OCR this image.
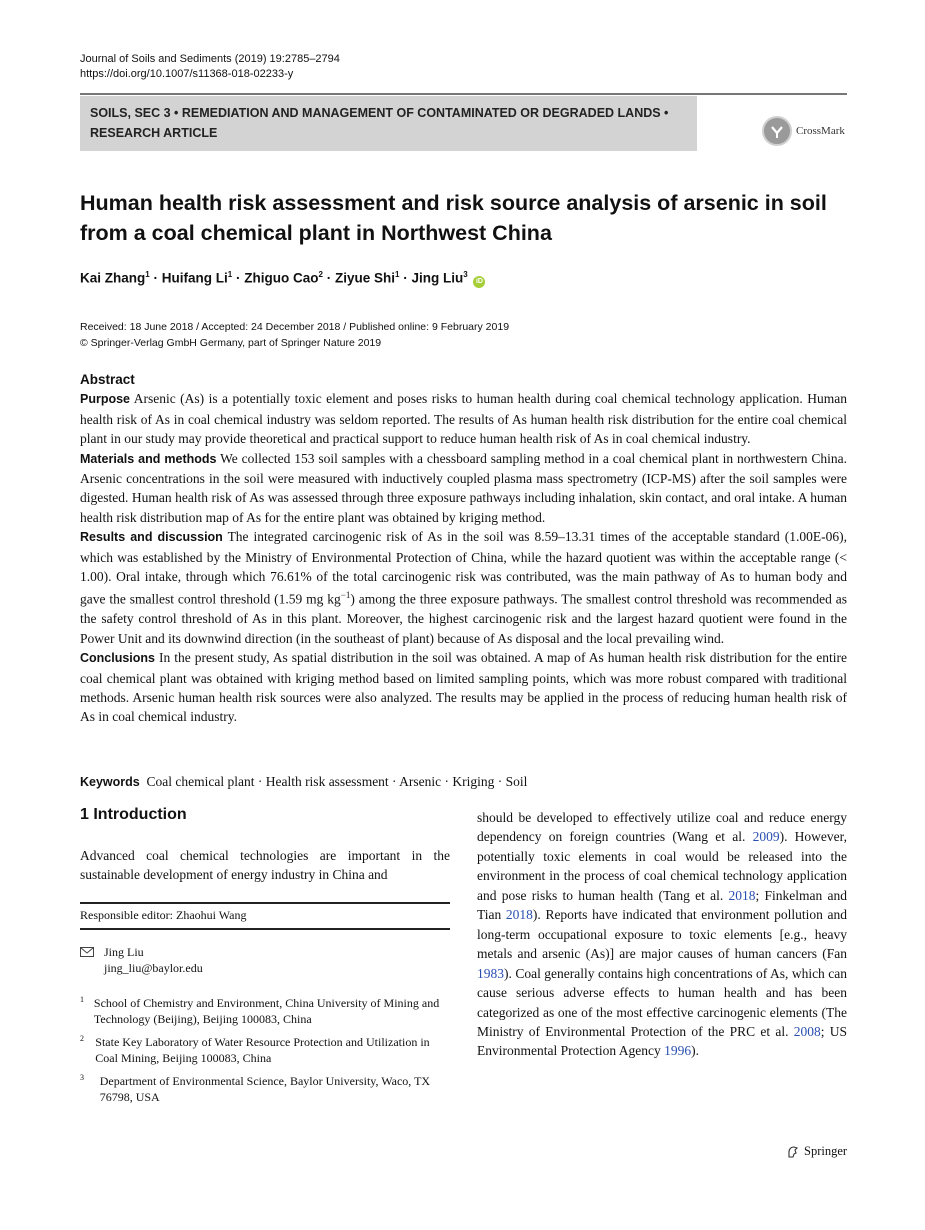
Journal of Soils and Sediments (2019) 19:2785–2794
https://doi.org/10.1007/s11368-018-02233-y
SOILS, SEC 3 • REMEDIATION AND MANAGEMENT OF CONTAMINATED OR DEGRADED LANDS •
RESEARCH ARTICLE	CrossMark
Human health risk assessment and risk source analysis of arsenic in soil from a coal chemical plant in Northwest China
Kai Zhang$^1$ · Huifang $Li^1$ · Zhiguo Cao$^2$ · Ziyue Shi$^1$ · Jing Liu$^3$ iD
Received: 18 June 2018 / Accepted: 24 December 2018 / Published online: 9 February 2019
© Springer-Verlag GmbH Germany, part of Springer Nature 2019
Abstract

Purpose Arsenic (As) is a potentially toxic element and poses risks to human health during coal chemical technology application. Human health risk of As in coal chemical industry was seldom reported. The results of As human health risk distribution for the entire coal chemical plant in our study may provide theoretical and practical support to reduce human health risk of As in coal chemical industry.

Materials and methods We collected 153 soil samples with a chessboard sampling method in a coal chemical plant in northwestern China. Arsenic concentrations in the soil were measured with inductively coupled plasma mass spectrometry (ICP-MS) after the soil samples were digested. Human health risk of As was assessed through three exposure pathways including inhalation, skin contact, and oral intake. A human health risk distribution map of As for the entire plant was obtained by kriging method.

Results and discussion The integrated carcinogenic risk of As in the soil was 8.59–13.31 times of the acceptable standard (1.00E-06), which was established by the Ministry of Environmental Protection of China, while the hazard quotient was within the acceptable range (< 1.00). Oral intake, through which 76.61% of the total carcinogenic risk was contributed, was the main pathway of As to human body and gave the smallest control threshold (1.59 mg $kg^{-1}$) among the three exposure pathways. The smallest control threshold was recommended as the safety control threshold of As in this plant. Moreover, the highest carcinogenic risk and the largest hazard quotient were found in the Power Unit and its downwind direction (in the southeast of plant) because of As disposal and the local prevailing wind.

Conclusions In the present study, As spatial distribution in the soil was obtained. A map of As human health risk distribution for the entire coal chemical plant was obtained with kriging method based on limited sampling points, which was more robust compared with traditional methods. Arsenic human health risk sources were also analyzed. The results may be applied in the process of reducing human health risk of As in coal chemical industry.

Keywords Coal chemical plant · Health risk assessment · Arsenic · Kriging · Soil
1 Introduction
Advanced coal chemical technologies are important in the sustainable development of energy industry in China and
Responsible editor: Zhaohui Wang
Jing Liu
jing_liu@baylor.edu
1 School of Chemistry and Environment, China University of Mining and Technology (Beijing), Beijing 100083, China
2 State Key Laboratory of Water Resource Protection and Utilization in Coal Mining, Beijing 100083, China
3	Department of Environmental Science, Baylor University, Waco, TX 76798, USA
should be developed to effectively utilize coal and reduce energy dependency on foreign countries (Wang et al. 2009). However, potentially toxic elements in coal would be released into the environment in the process of coal chemical technology application and pose risks to human health (Tang et al. 2018; Finkelman and Tian 2018). Reports have indicated that environment pollution and long-term occupational exposure to toxic elements [e.g., heavy metals and arsenic (As)] are major causes of human cancers (Fan 1983). Coal generally contains high concentrations of As, which can cause serious adverse effects to human health and has been categorized as one of the most effective carcinogenic elements (The Ministry of Environmental Protection of the PRC et al. 2008; US Environmental Protection Agency 1996).
Springer
